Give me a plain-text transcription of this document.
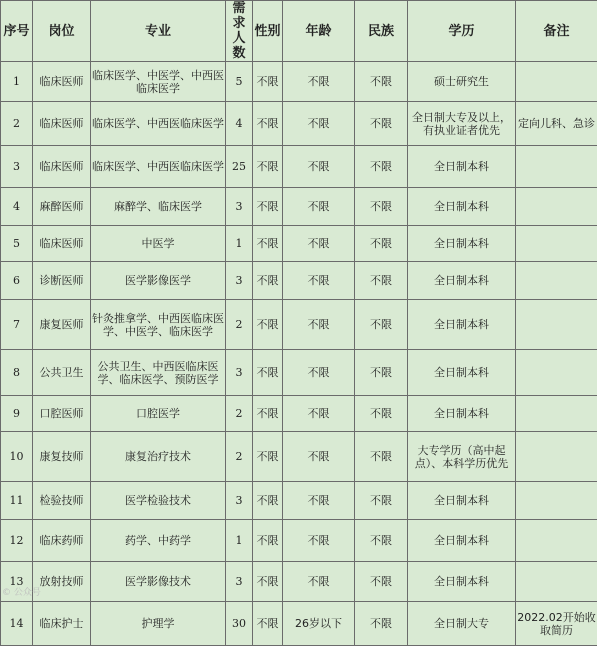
序号	岗位	专业	需求人数	性别	年龄	民族	学历	备注
1	临床医师	临床医学、中医学、中西医临床医学	5	不限	不限	不限	硕士研究生	
2	临床医师	临床医学、中西医临床医学	4	不限	不限	不限	全日制大专及以上，有执业证者优先	定向儿科、急诊
3	临床医师	临床医学、中西医临床医学	25	不限	不限	不限	全日制本科	
4	麻醉医师	麻醉学、临床医学	3	不限	不限	不限	全日制本科	
5	临床医师	中医学	1	不限	不限	不限	全日制本科	
6	诊断医师	医学影像医学	3	不限	不限	不限	全日制本科	
7	康复医师	针灸推拿学、中西医临床医学、中医学、临床医学	2	不限	不限	不限	全日制本科	
8	公共卫生	公共卫生、中西医临床医学、临床医学、预防医学	3	不限	不限	不限	全日制本科	
9	口腔医师	口腔医学	2	不限	不限	不限	全日制本科	
10	康复技师	康复治疗技术	2	不限	不限	不限	大专学历（高中起点）、本科学历优先	
11	检验技师	医学检验技术	3	不限	不限	不限	全日制本科	
12	临床药师	药学、中药学	1	不限	不限	不限	全日制本科	
13	放射技师	医学影像技术	3	不限	不限	不限	全日制本科	
14	临床护士	护理学	30	不限	26岁以下	不限	全日制大专	2022.02开始收取简历
© 公众号
